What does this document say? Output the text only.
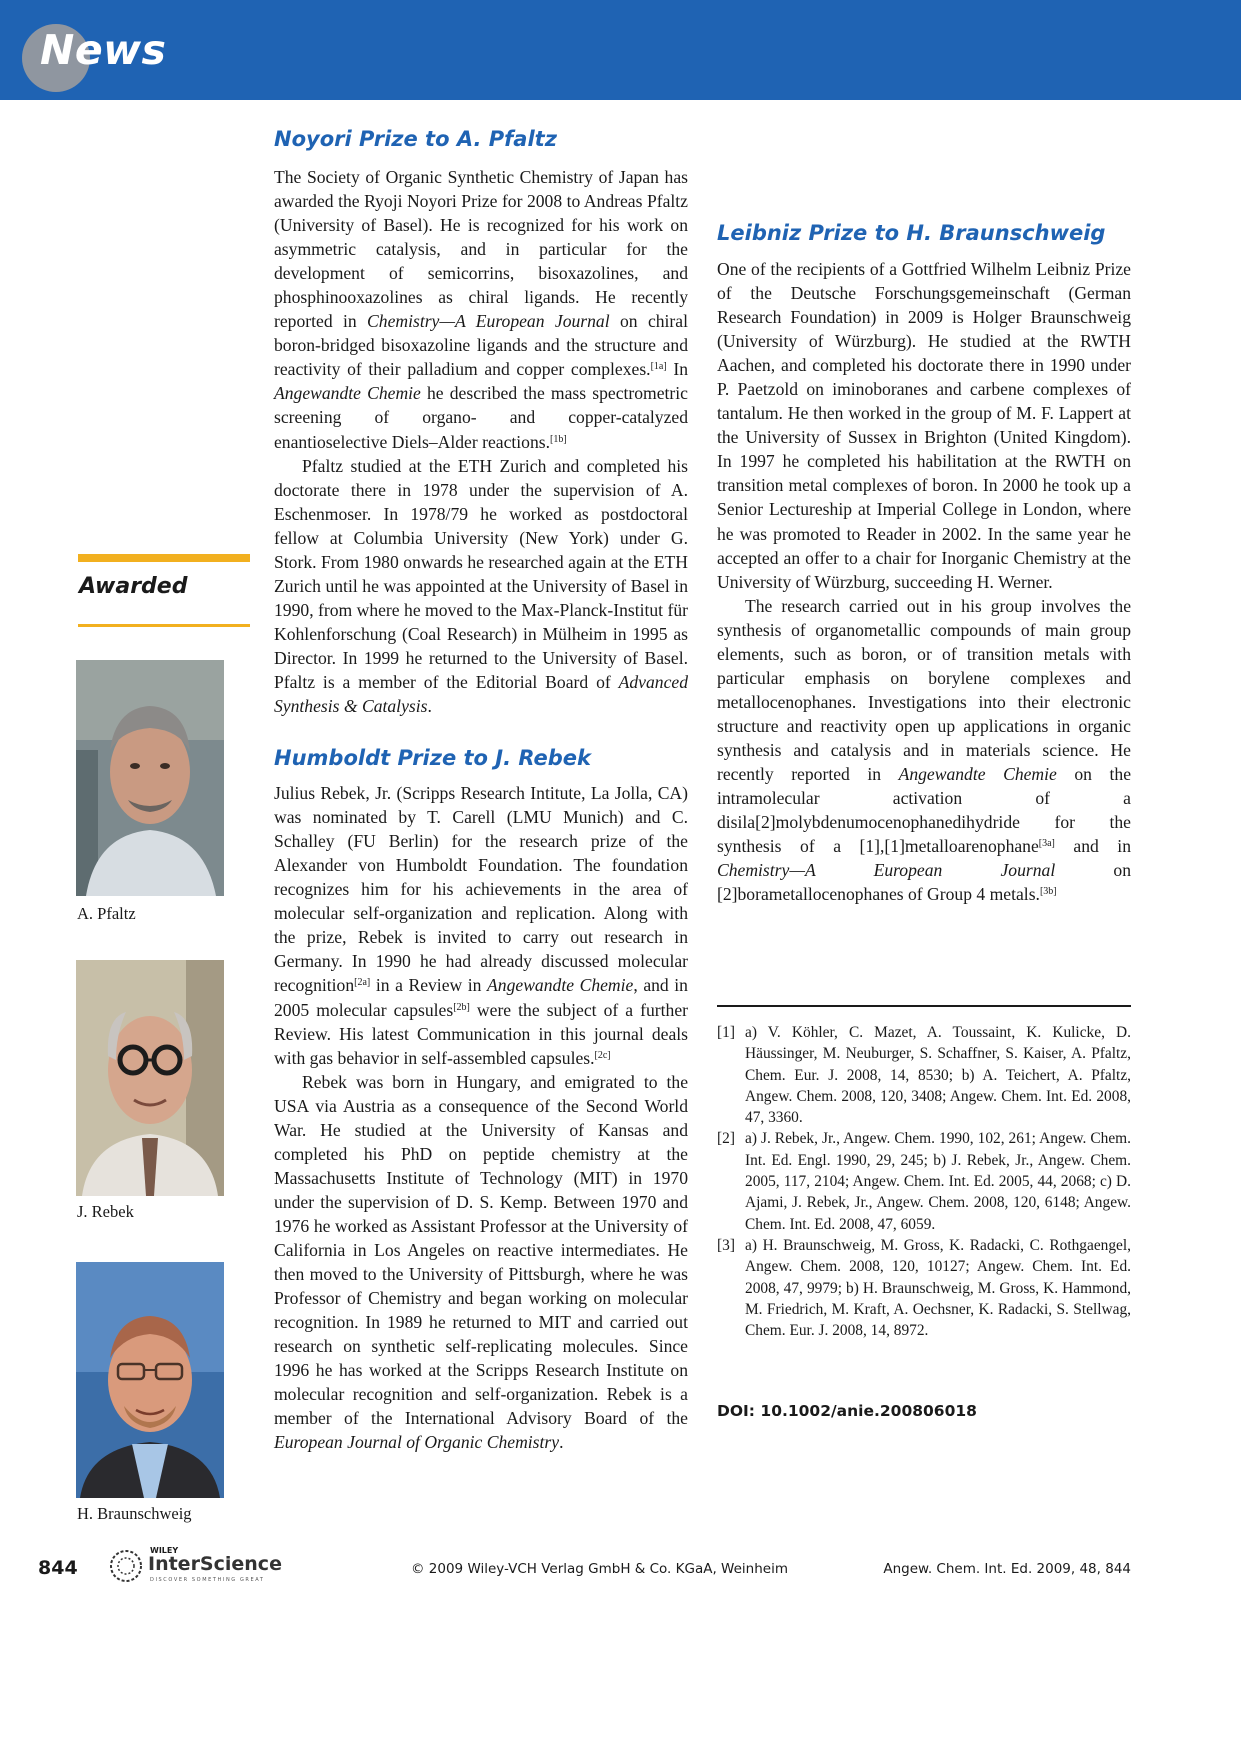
News
Awarded
A. Pfaltz
J. Rebek
H. Braunschweig
Noyori Prize to A. Pfaltz

The Society of Organic Synthetic Chemistry of Japan has awarded the Ryoji Noyori Prize for 2008 to Andreas Pfaltz (University of Basel). He is recognized for his work on asymmetric catalysis, and in particular for the development of semicorrins, bisoxazolines, and phosphinooxazolines as chiral ligands. He recently reported in Chemistry—A European Journal on chiral boron-bridged bisoxazoline ligands and the structure and reactivity of their palladium and copper complexes.[1a] In Angewandte Chemie he described the mass spectrometric screening of organo- and copper-catalyzed enantioselective Diels–Alder reactions.[1b]

Pfaltz studied at the ETH Zurich and completed his doctorate there in 1978 under the supervision of A. Eschenmoser. In 1978/79 he worked as postdoctoral fellow at Columbia University (New York) under G. Stork. From 1980 onwards he researched again at the ETH Zurich until he was appointed at the University of Basel in 1990, from where he moved to the Max-Planck-Institut für Kohlenforschung (Coal Research) in Mülheim in 1995 as Director. In 1999 he returned to the University of Basel. Pfaltz is a member of the Editorial Board of Advanced Synthesis & Catalysis.

Humboldt Prize to J. Rebek

Julius Rebek, Jr. (Scripps Research Intitute, La Jolla, CA) was nominated by T. Carell (LMU Munich) and C. Schalley (FU Berlin) for the research prize of the Alexander von Humboldt Foundation. The foundation recognizes him for his achievements in the area of molecular self-organization and replication. Along with the prize, Rebek is invited to carry out research in Germany. In 1990 he had already discussed molecular recognition[2a] in a Review in Angewandte Chemie, and in 2005 molecular capsules[2b] were the subject of a further Review. His latest Communication in this journal deals with gas behavior in self-assembled capsules.[2c]

Rebek was born in Hungary, and emigrated to the USA via Austria as a consequence of the Second World War. He studied at the University of Kansas and completed his PhD on peptide chemistry at the Massachusetts Institute of Technology (MIT) in 1970 under the supervision of D. S. Kemp. Between 1970 and 1976 he worked as Assistant Professor at the University of California in Los Angeles on reactive intermediates. He then moved to the University of Pittsburgh, where he was Professor of Chemistry and began working on molecular recognition. In 1989 he returned to MIT and carried out research on synthetic self-replicating molecules. Since 1996 he has worked at the Scripps Research Institute on molecular recognition and self-organization. Rebek is a member of the International Advisory Board of the European Journal of Organic Chemistry.

Leibniz Prize to H. Braunschweig

One of the recipients of a Gottfried Wilhelm Leibniz Prize of the Deutsche Forschungsgemeinschaft (German Research Foundation) in 2009 is Holger Braunschweig (University of Würzburg). He studied at the RWTH Aachen, and completed his doctorate there in 1990 under P. Paetzold on iminoboranes and carbene complexes of tantalum. He then worked in the group of M. F. Lappert at the University of Sussex in Brighton (United Kingdom). In 1997 he completed his habilitation at the RWTH on transition metal complexes of boron. In 2000 he took up a Senior Lectureship at Imperial College in London, where he was promoted to Reader in 2002. In the same year he accepted an offer to a chair for Inorganic Chemistry at the University of Würzburg, succeeding H. Werner.

The research carried out in his group involves the synthesis of organometallic compounds of main group elements, such as boron, or of transition metals with particular emphasis on borylene complexes and metallocenophanes. Investigations into their electronic structure and reactivity open up applications in organic synthesis and catalysis and in materials science. He recently reported in Angewandte Chemie on the intramolecular activation of a disila[2]molybdenumocenophanedihydride for the synthesis of a [1],[1]metalloarenophane[3a] and in Chemistry—A European Journal on [2]borametallocenophanes of Group 4 metals.[3b]

[1] a) V. Köhler, C. Mazet, A. Toussaint, K. Kulicke, D. Häussinger, M. Neuburger, S. Schaffner, S. Kaiser, A. Pfaltz, Chem. Eur. J. 2008, 14, 8530; b) A. Teichert, A. Pfaltz, Angew. Chem. 2008, 120, 3408; Angew. Chem. Int. Ed. 2008, 47, 3360.

[2] a) J. Rebek, Jr., Angew. Chem. 1990, 102, 261; Angew. Chem. Int. Ed. Engl. 1990, 29, 245; b) J. Rebek, Jr., Angew. Chem. 2005, 117, 2104; Angew. Chem. Int. Ed. 2005, 44, 2068; c) D. Ajami, J. Rebek, Jr., Angew. Chem. 2008, 120, 6148; Angew. Chem. Int. Ed. 2008, 47, 6059.

[3] a) H. Braunschweig, M. Gross, K. Radacki, C. Rothgaengel, Angew. Chem. 2008, 120, 10127; Angew. Chem. Int. Ed. 2008, 47, 9979; b) H. Braunschweig, M. Gross, K. Hammond, M. Friedrich, M. Kraft, A. Oechsner, K. Radacki, S. Stellwag, Chem. Eur. J. 2008, 14, 8972.

DOI: 10.1002/anie.200806018
844
WILEY
InterScience
DISCOVER SOMETHING GREAT
© 2009 Wiley-VCH Verlag GmbH & Co. KGaA, Weinheim	Angew. Chem. Int. Ed. 2009, 48, 844
